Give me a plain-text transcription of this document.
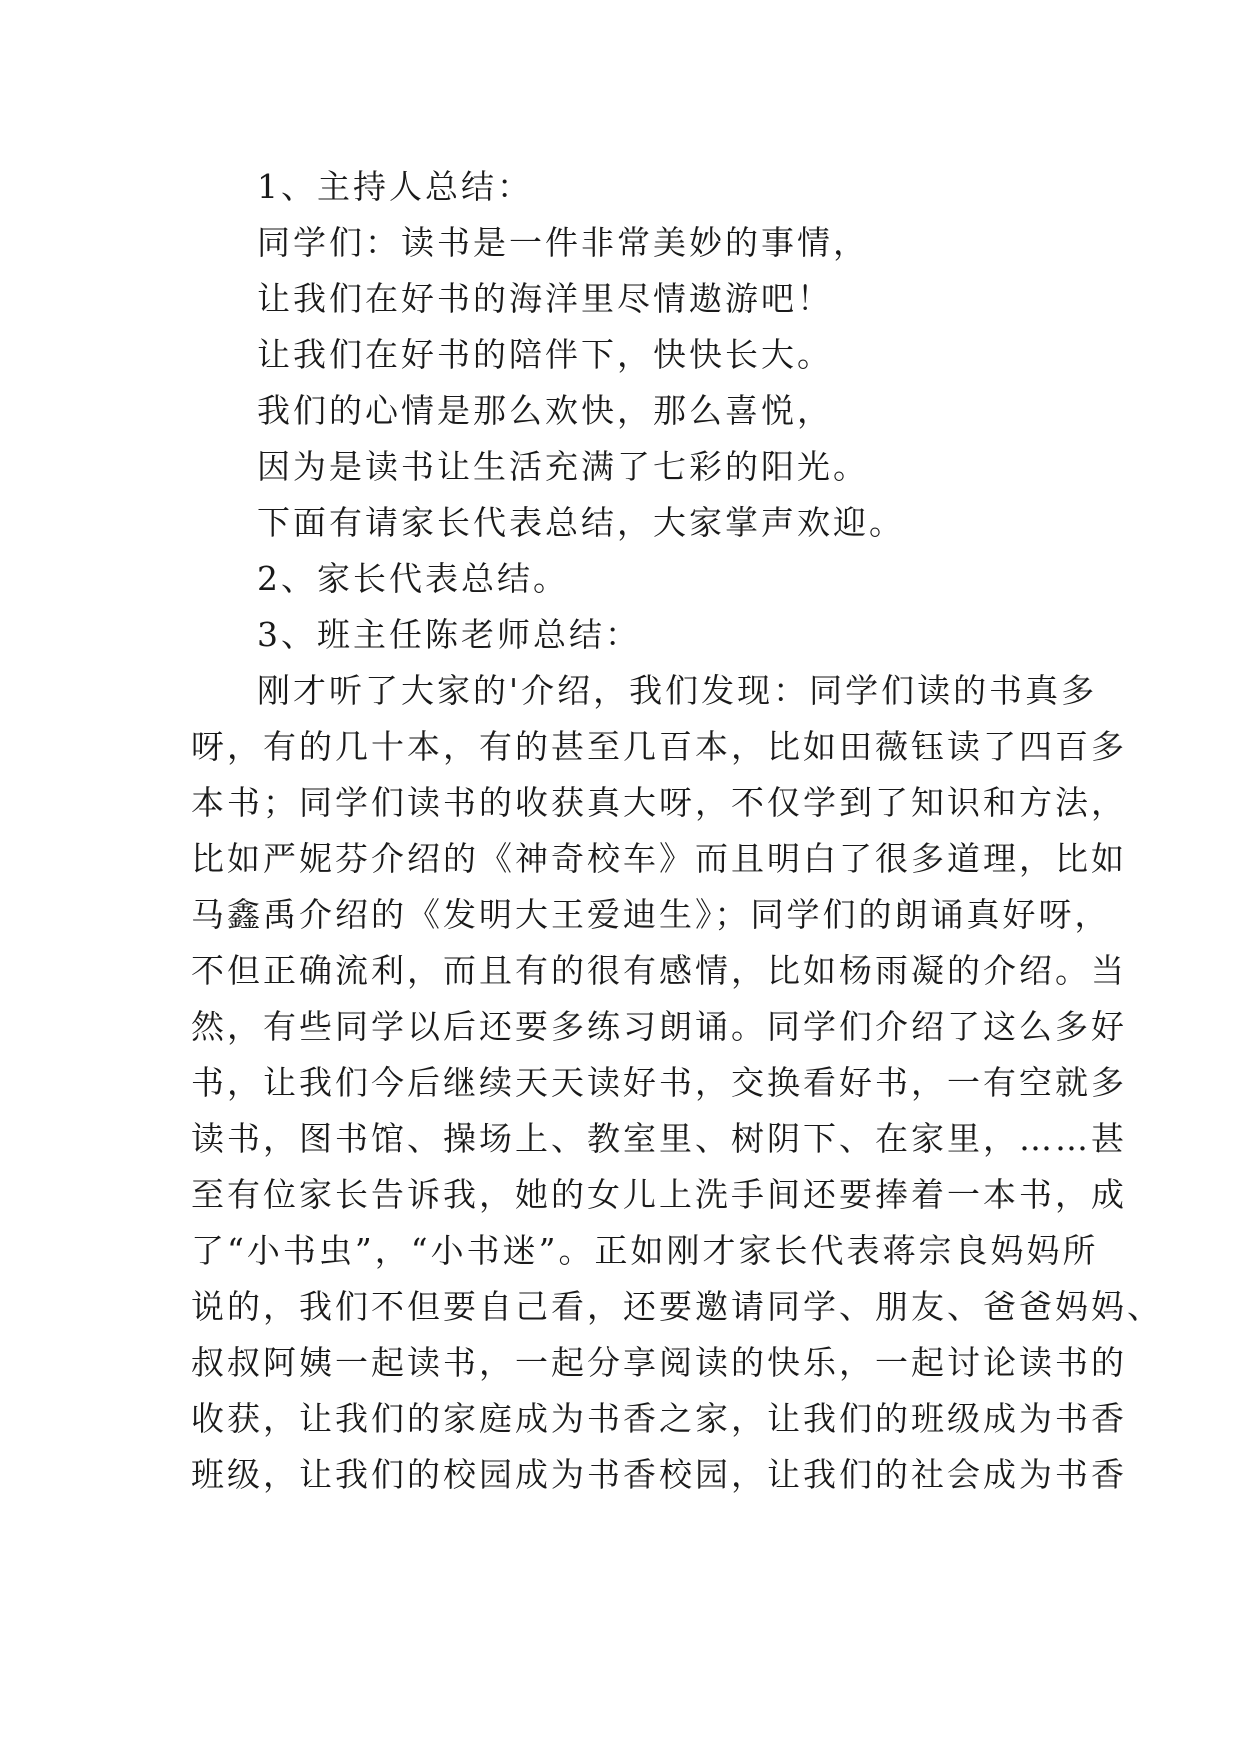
1、主持人总结：
同学们：读书是一件非常美妙的事情，
让我们在好书的海洋里尽情遨游吧！
让我们在好书的陪伴下，快快长大。
我们的心情是那么欢快，那么喜悦，
因为是读书让生活充满了七彩的阳光。
下面有请家长代表总结，大家掌声欢迎。
2、家长代表总结。
3、班主任陈老师总结：
刚才听了大家的'介绍，我们发现：同学们读的书真多
呀，有的几十本，有的甚至几百本，比如田薇钰读了四百多
本书；同学们读书的收获真大呀，不仅学到了知识和方法，
比如严妮芬介绍的《神奇校车》而且明白了很多道理，比如
马鑫禹介绍的《发明大王爱迪生》；同学们的朗诵真好呀，
不但正确流利，而且有的很有感情，比如杨雨凝的介绍。当
然，有些同学以后还要多练习朗诵。同学们介绍了这么多好
书，让我们今后继续天天读好书，交换看好书，一有空就多
读书，图书馆、操场上、教室里、树阴下、在家里，……甚
至有位家长告诉我，她的女儿上洗手间还要捧着一本书，成
了“小书虫”，“小书迷”。正如刚才家长代表蒋宗良妈妈所
说的，我们不但要自己看，还要邀请同学、朋友、爸爸妈妈、
叔叔阿姨一起读书，一起分享阅读的快乐，一起讨论读书的
收获，让我们的家庭成为书香之家，让我们的班级成为书香
班级，让我们的校园成为书香校园，让我们的社会成为书香
